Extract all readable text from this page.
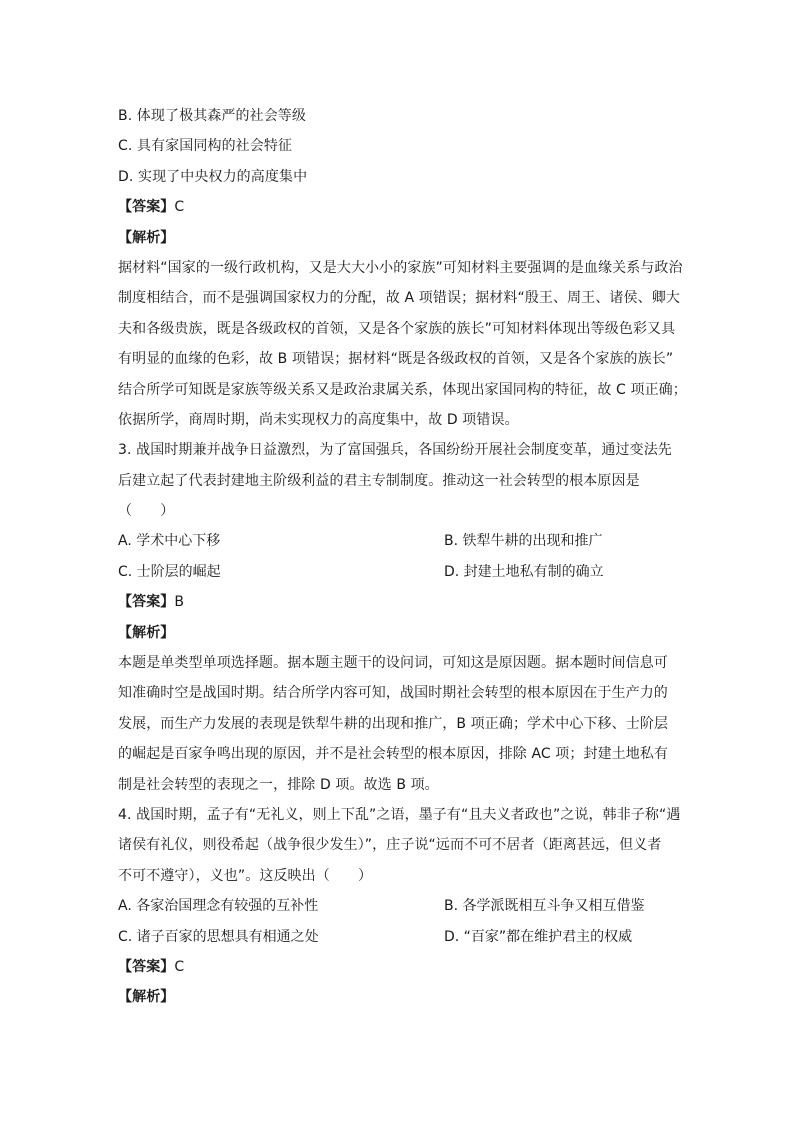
B. 体现了极其森严的社会等级
C. 具有家国同构的社会特征
D. 实现了中央权力的高度集中
【答案】C
【解析】
据材料“国家的一级行政机构，又是大大小小的家族”可知材料主要强调的是血缘关系与政治
制度相结合，而不是强调国家权力的分配，故 A 项错误；据材料“殷王、周王、诸侯、卿大
夫和各级贵族，既是各级政权的首领，又是各个家族的族长”可知材料体现出等级色彩又具
有明显的血缘的色彩，故 B 项错误；据材料“既是各级政权的首领，又是各个家族的族长”
结合所学可知既是家族等级关系又是政治隶属关系，体现出家国同构的特征，故 C 项正确；
依据所学，商周时期，尚未实现权力的高度集中，故 D 项错误。
3. 战国时期兼并战争日益激烈，为了富国强兵，各国纷纷开展社会制度变革，通过变法先
后建立起了代表封建地主阶级利益的君主专制制度。推动这一社会转型的根本原因是
（　　）
A. 学术中心下移	B. 铁犁牛耕的出现和推广
C. 士阶层的崛起	D. 封建土地私有制的确立
【答案】B
【解析】
本题是单类型单项选择题。据本题主题干的设问词，可知这是原因题。据本题时间信息可
知准确时空是战国时期。结合所学内容可知，战国时期社会转型的根本原因在于生产力的
发展，而生产力发展的表现是铁犁牛耕的出现和推广，B 项正确；学术中心下移、士阶层
的崛起是百家争鸣出现的原因，并不是社会转型的根本原因，排除 AC 项；封建土地私有
制是社会转型的表现之一，排除 D 项。故选 B 项。
4. 战国时期，孟子有“无礼义，则上下乱”之语，墨子有“且夫义者政也”之说，韩非子称“遇
诸侯有礼仪，则役希起（战争很少发生）”，庄子说“远而不可不居者（距离甚远，但义者
不可不遵守），义也”。这反映出（　　）
A. 各家治国理念有较强的互补性	B. 各学派既相互斗争又相互借鉴
C. 诸子百家的思想具有相通之处	D. “百家”都在维护君主的权威
【答案】C
【解析】
